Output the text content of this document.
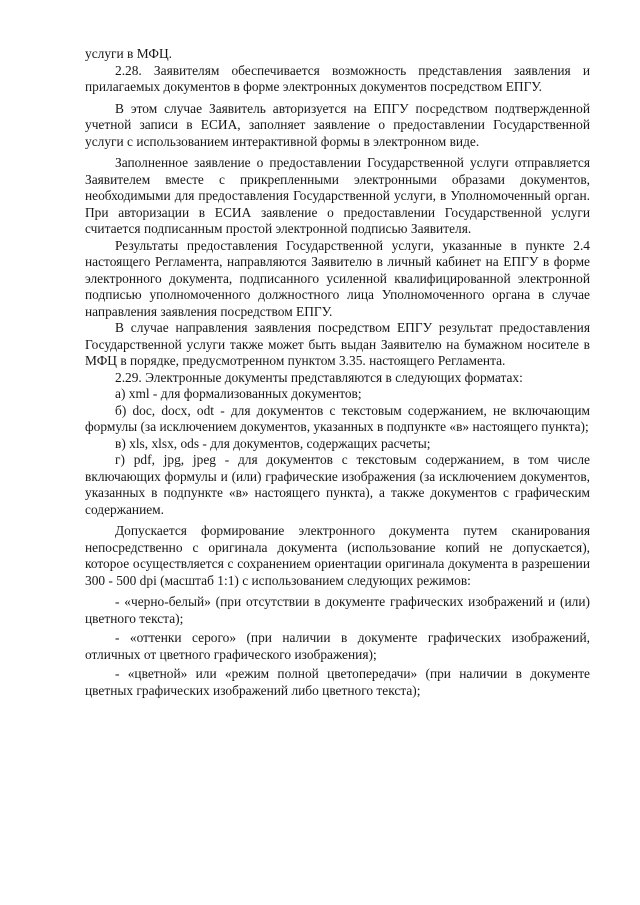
услуги в МФЦ.

2.28. Заявителям обеспечивается возможность представления заявления и прилагаемых документов в форме электронных документов посредством ЕПГУ.

В этом случае Заявитель авторизуется на ЕПГУ посредством подтвержденной учетной записи в ЕСИА, заполняет заявление о предоставлении Государственной услуги с использованием интерактивной формы в электронном виде.

Заполненное заявление о предоставлении Государственной услуги отправляется Заявителем вместе с прикрепленными электронными образами документов, необходимыми для предоставления Государственной услуги, в Уполномоченный орган. При авторизации в ЕСИА заявление о предоставлении Государственной услуги считается подписанным простой электронной подписью Заявителя.

Результаты предоставления Государственной услуги, указанные в пункте 2.4 настоящего Регламента, направляются Заявителю в личный кабинет на ЕПГУ в форме электронного документа, подписанного усиленной квалифицированной электронной подписью уполномоченного должностного лица Уполномоченного органа в случае направления заявления посредством ЕПГУ.

В случае направления заявления посредством ЕПГУ результат предоставления Государственной услуги также может быть выдан Заявителю на бумажном носителе в МФЦ в порядке, предусмотренном пунктом 3.35. настоящего Регламента.

2.29. Электронные документы представляются в следующих форматах:

а) xml - для формализованных документов;

б) doc, docx, odt - для документов с текстовым содержанием, не включающим формулы (за исключением документов, указанных в подпункте «в» настоящего пункта);

в) xls, xlsx, ods - для документов, содержащих расчеты;

г) pdf, jpg, jpeg - для документов с текстовым содержанием, в том числе включающих формулы и (или) графические изображения (за исключением документов, указанных в подпункте «в» настоящего пункта), а также документов с графическим содержанием.

Допускается формирование электронного документа путем сканирования непосредственно с оригинала документа (использование копий не допускается), которое осуществляется с сохранением ориентации оригинала документа в разрешении 300 - 500 dpi (масштаб 1:1) с использованием следующих режимов:

- «черно-белый» (при отсутствии в документе графических изображений и (или) цветного текста);

- «оттенки серого» (при наличии в документе графических изображений, отличных от цветного графического изображения);

- «цветной» или «режим полной цветопередачи» (при наличии в документе цветных графических изображений либо цветного текста);
